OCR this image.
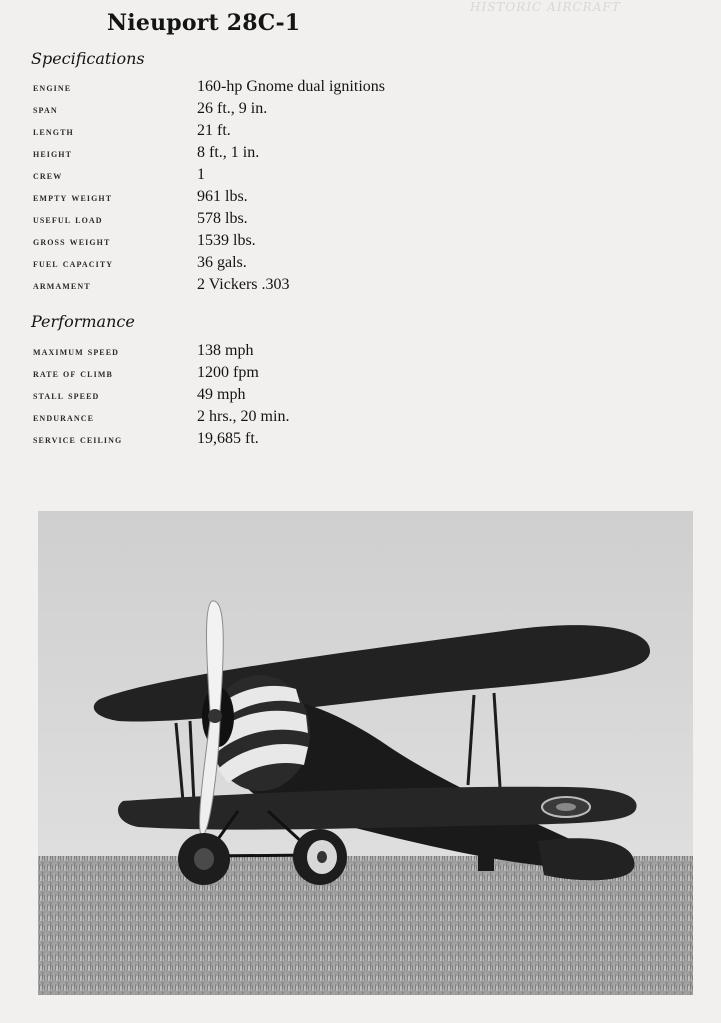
HISTORIC AIRCRAFT
Nieuport 28C-1
Specifications
engine	160-hp Gnome dual ignitions
span	26 ft., 9 in.
length	21 ft.
height	8 ft., 1 in.
crew	1
empty weight	961 lbs.
useful load	578 lbs.
gross weight	1539 lbs.
fuel capacity	36 gals.
armament	2 Vickers .303
Performance
maximum speed	138 mph
rate of climb	1200 fpm
stall speed	49 mph
endurance	2 hrs., 20 min.
service ceiling	19,685 ft.
